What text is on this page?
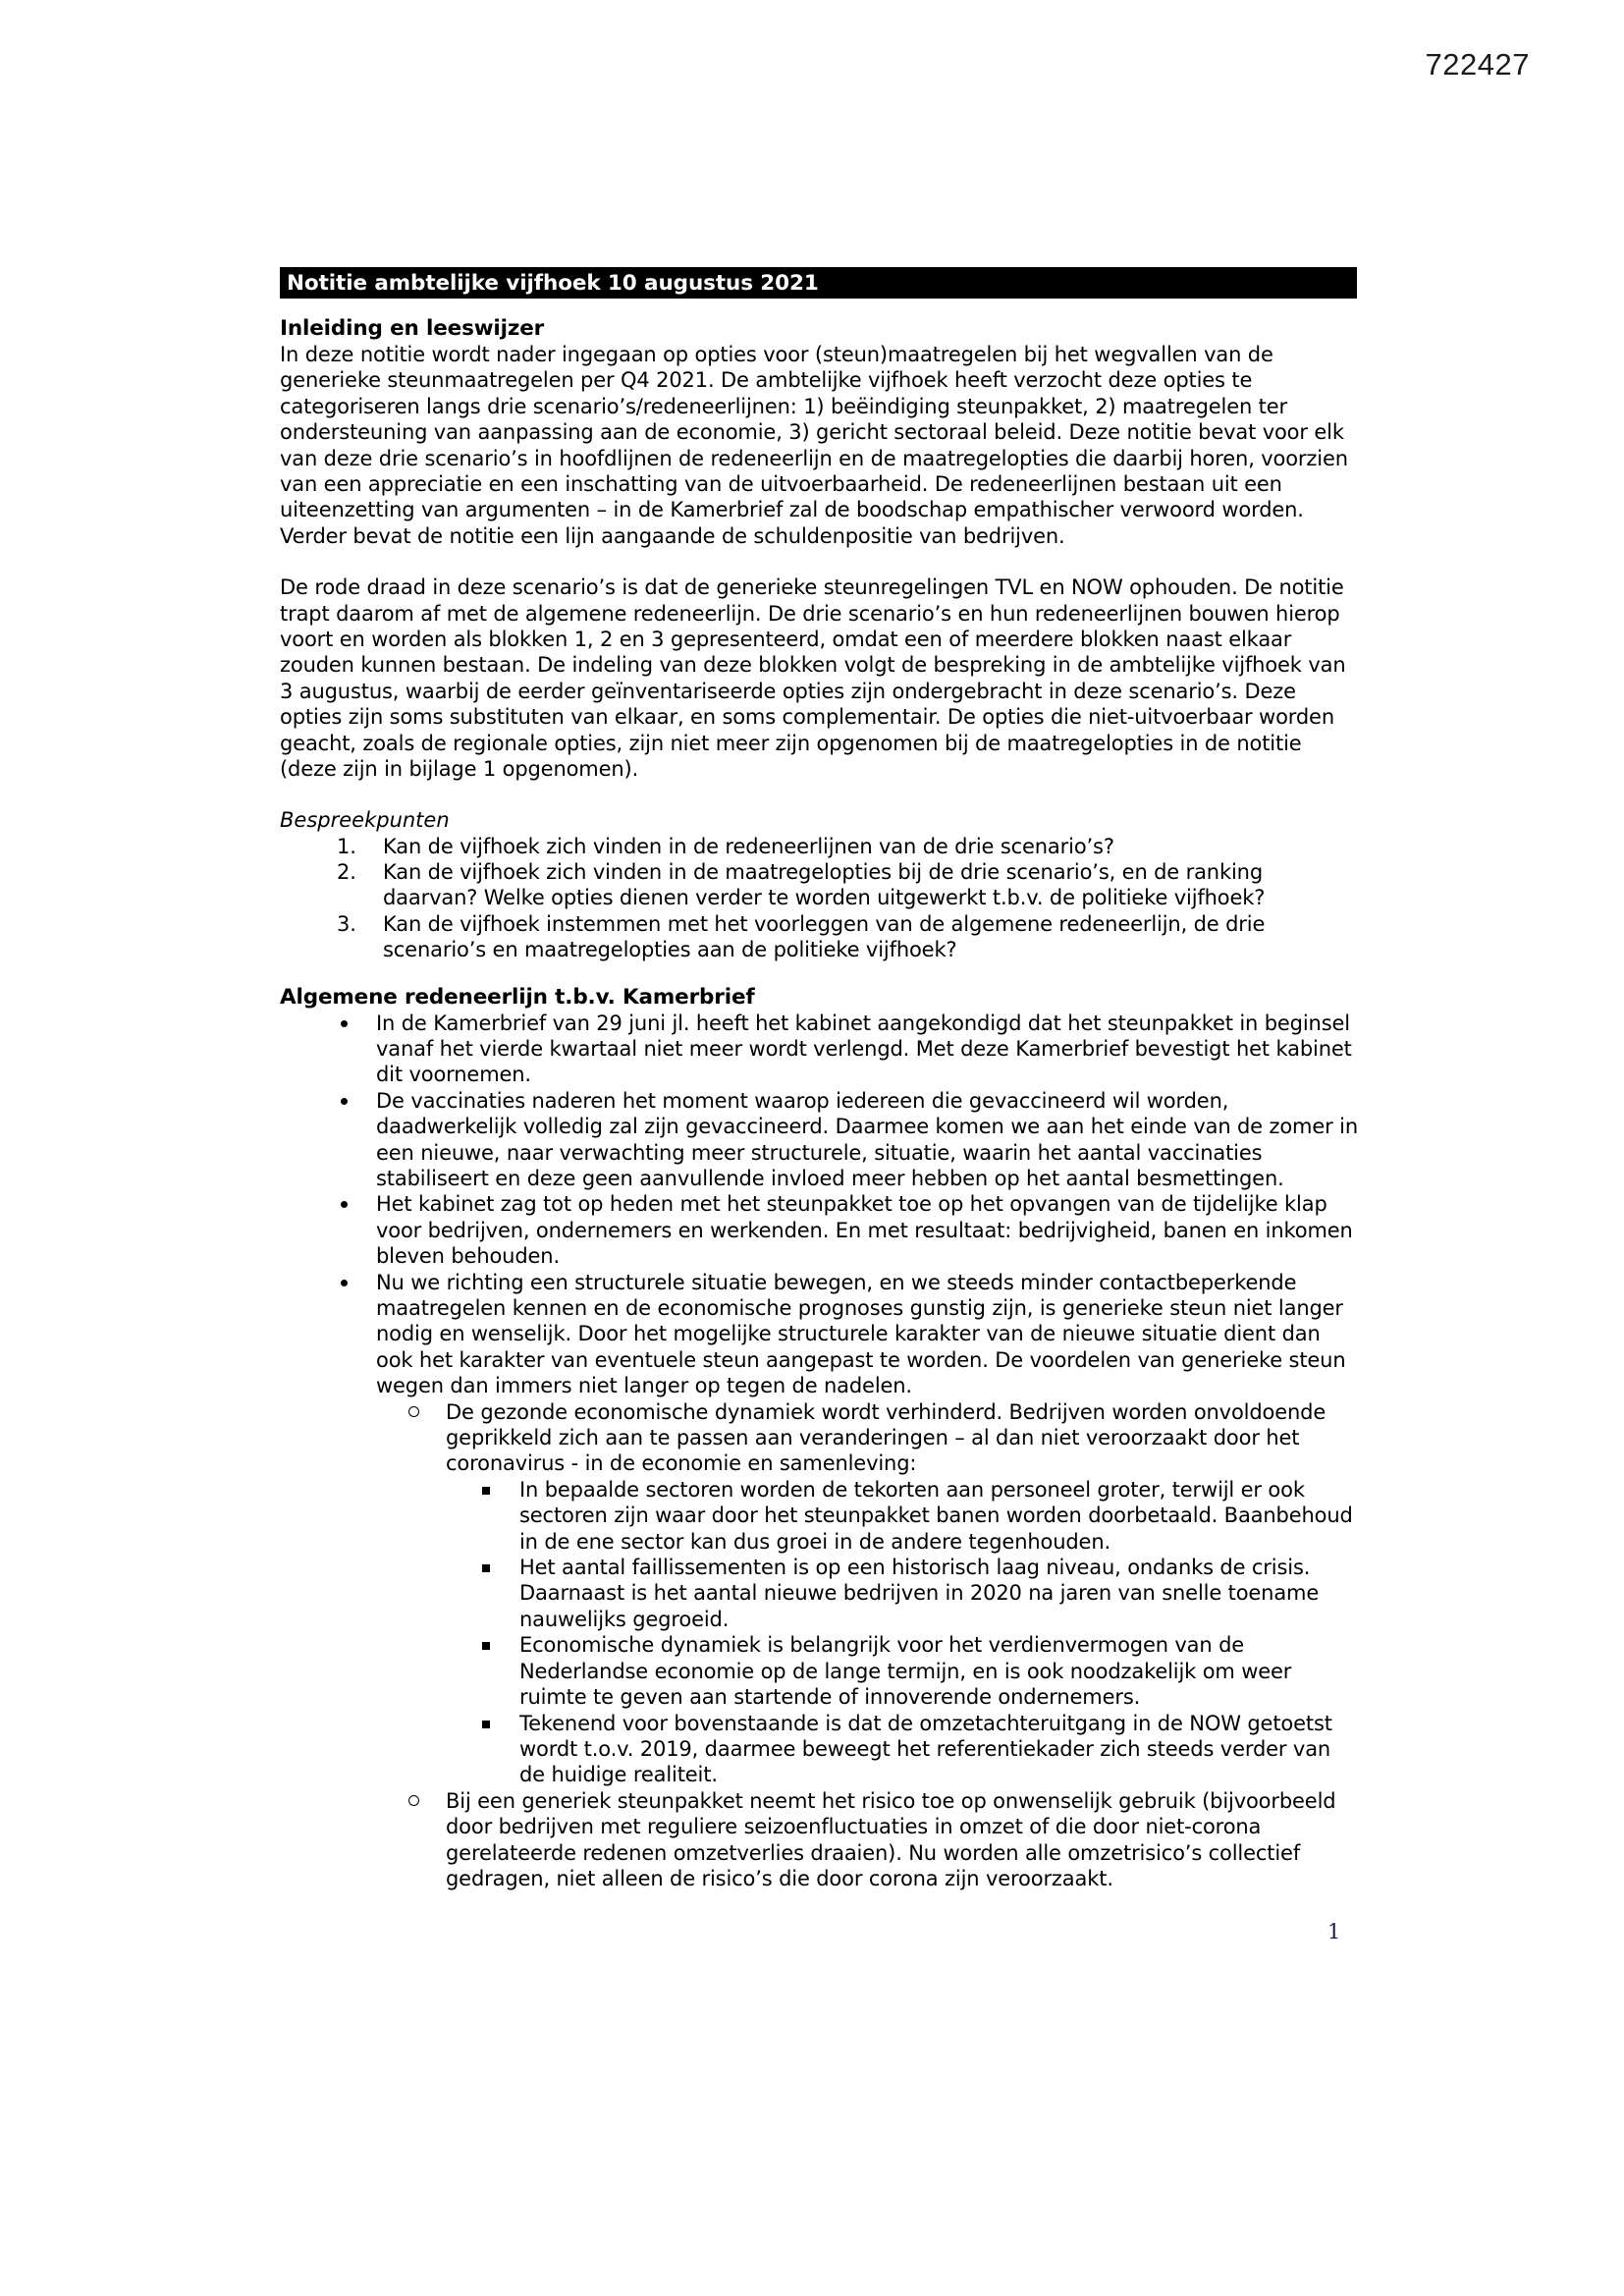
722427
Notitie ambtelijke vijfhoek 10 augustus 2021
Inleiding en leeswijzer

In deze notitie wordt nader ingegaan op opties voor (steun)maatregelen bij het wegvallen van de generieke steunmaatregelen per Q4 2021. De ambtelijke vijfhoek heeft verzocht deze opties te categoriseren langs drie scenario’s/redeneerlijnen: 1) beëindiging steunpakket, 2) maatregelen ter ondersteuning van aanpassing aan de economie, 3) gericht sectoraal beleid. Deze notitie bevat voor elk van deze drie scenario’s in hoofdlijnen de redeneerlijn en de maatregelopties die daarbij horen, voorzien van een appreciatie en een inschatting van de uitvoerbaarheid. De redeneerlijnen bestaan uit een uiteenzetting van argumenten – in de Kamerbrief zal de boodschap empathischer verwoord worden. Verder bevat de notitie een lijn aangaande de schuldenpositie van bedrijven.

De rode draad in deze scenario’s is dat de generieke steunregelingen TVL en NOW ophouden. De notitie trapt daarom af met de algemene redeneerlijn. De drie scenario’s en hun redeneerlijnen bouwen hierop voort en worden als blokken 1, 2 en 3 gepresenteerd, omdat een of meerdere blokken naast elkaar zouden kunnen bestaan. De indeling van deze blokken volgt de bespreking in de ambtelijke vijfhoek van 3 augustus, waarbij de eerder geïnventariseerde opties zijn ondergebracht in deze scenario’s. Deze opties zijn soms substituten van elkaar, en soms complementair. De opties die niet-uitvoerbaar worden geacht, zoals de regionale opties, zijn niet meer zijn opgenomen bij de maatregelopties in de notitie (deze zijn in bijlage 1 opgenomen).

Bespreekpunten
1.	Kan de vijfhoek zich vinden in de redeneerlijnen van de drie scenario’s?
2.	Kan de vijfhoek zich vinden in de maatregelopties bij de drie scenario’s, en de ranking daarvan? Welke opties dienen verder te worden uitgewerkt t.b.v. de politieke vijfhoek?
3.	Kan de vijfhoek instemmen met het voorleggen van de algemene redeneerlijn, de drie scenario’s en maatregelopties aan de politieke vijfhoek?
Algemene redeneerlijn t.b.v. Kamerbrief
In de Kamerbrief van 29 juni jl. heeft het kabinet aangekondigd dat het steunpakket in beginsel vanaf het vierde kwartaal niet meer wordt verlengd. Met deze Kamerbrief bevestigt het kabinet dit voornemen.
De vaccinaties naderen het moment waarop iedereen die gevaccineerd wil worden, daadwerkelijk volledig zal zijn gevaccineerd. Daarmee komen we aan het einde van de zomer in een nieuwe, naar verwachting meer structurele, situatie, waarin het aantal vaccinaties stabiliseert en deze geen aanvullende invloed meer hebben op het aantal besmettingen.
Het kabinet zag tot op heden met het steunpakket toe op het opvangen van de tijdelijke klap voor bedrijven, ondernemers en werkenden. En met resultaat: bedrijvigheid, banen en inkomen bleven behouden.
Nu we richting een structurele situatie bewegen, en we steeds minder contactbeperkende maatregelen kennen en de economische prognoses gunstig zijn, is generieke steun niet langer nodig en wenselijk. Door het mogelijke structurele karakter van de nieuwe situatie dient dan ook het karakter van eventuele steun aangepast te worden. De voordelen van generieke steun wegen dan immers niet langer op tegen de nadelen.
De gezonde economische dynamiek wordt verhinderd. Bedrijven worden onvoldoende geprikkeld zich aan te passen aan veranderingen – al dan niet veroorzaakt door het coronavirus - in de economie en samenleving:
In bepaalde sectoren worden de tekorten aan personeel groter, terwijl er ook sectoren zijn waar door het steunpakket banen worden doorbetaald. Baanbehoud in de ene sector kan dus groei in de andere tegenhouden.
Het aantal faillissementen is op een historisch laag niveau, ondanks de crisis. Daarnaast is het aantal nieuwe bedrijven in 2020 na jaren van snelle toename nauwelijks gegroeid.
Economische dynamiek is belangrijk voor het verdienvermogen van de Nederlandse economie op de lange termijn, en is ook noodzakelijk om weer ruimte te geven aan startende of innoverende ondernemers.
Tekenend voor bovenstaande is dat de omzetachteruitgang in de NOW getoetst wordt t.o.v. 2019, daarmee beweegt het referentiekader zich steeds verder van de huidige realiteit.
Bij een generiek steunpakket neemt het risico toe op onwenselijk gebruik (bijvoorbeeld door bedrijven met reguliere seizoenfluctuaties in omzet of die door niet-corona gerelateerde redenen omzetverlies draaien). Nu worden alle omzetrisico’s collectief gedragen, niet alleen de risico’s die door corona zijn veroorzaakt.
1
